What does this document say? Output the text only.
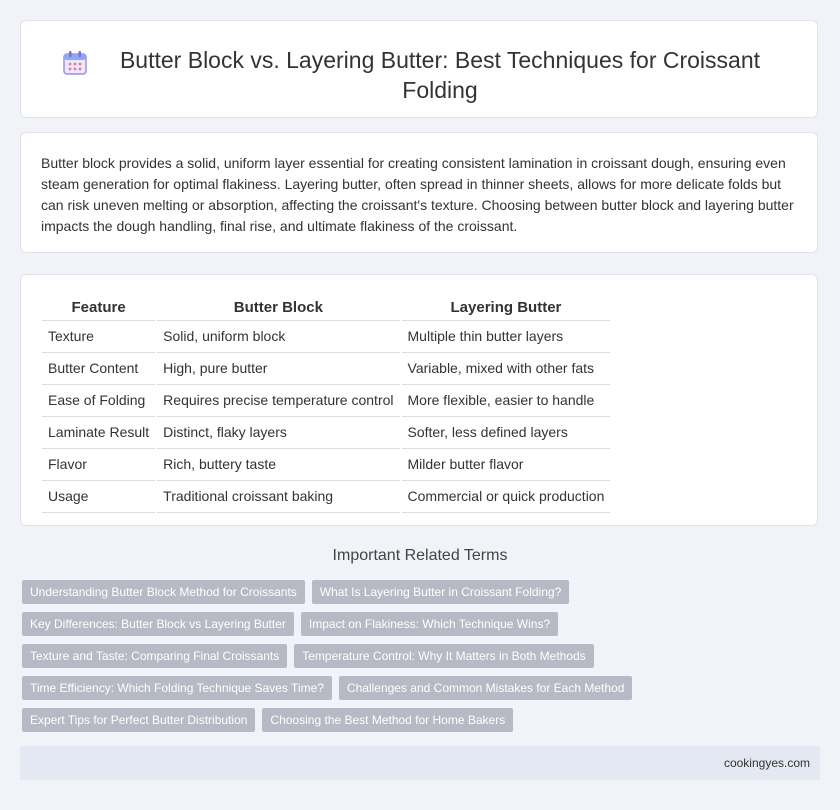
Butter Block vs. Layering Butter: Best Techniques for Croissant Folding

Butter block provides a solid, uniform layer essential for creating consistent lamination in croissant dough, ensuring even steam generation for optimal flakiness. Layering butter, often spread in thinner sheets, allows for more delicate folds but can risk uneven melting or absorption, affecting the croissant's texture. Choosing between butter block and layering butter impacts the dough handling, final rise, and ultimate flakiness of the croissant.

Feature		Butter Block		Layering Butter
Texture		Solid, uniform block		Multiple thin butter layers
Butter Content		High, pure butter		Variable, mixed with other fats
Ease of Folding		Requires precise temperature control		More flexible, easier to handle
Laminate Result		Distinct, flaky layers		Softer, less defined layers
Flavor		Rich, buttery taste		Milder butter flavor
Usage		Traditional croissant baking		Commercial or quick production
Important Related Terms
Understanding Butter Block Method for Croissants	What Is Layering Butter in Croissant Folding?
Key Differences: Butter Block vs Layering Butter	Impact on Flakiness: Which Technique Wins?
Texture and Taste: Comparing Final Croissants	Temperature Control: Why It Matters in Both Methods
Time Efficiency: Which Folding Technique Saves Time?	Challenges and Common Mistakes for Each Method
Expert Tips for Perfect Butter Distribution	Choosing the Best Method for Home Bakers
cookingyes.com
